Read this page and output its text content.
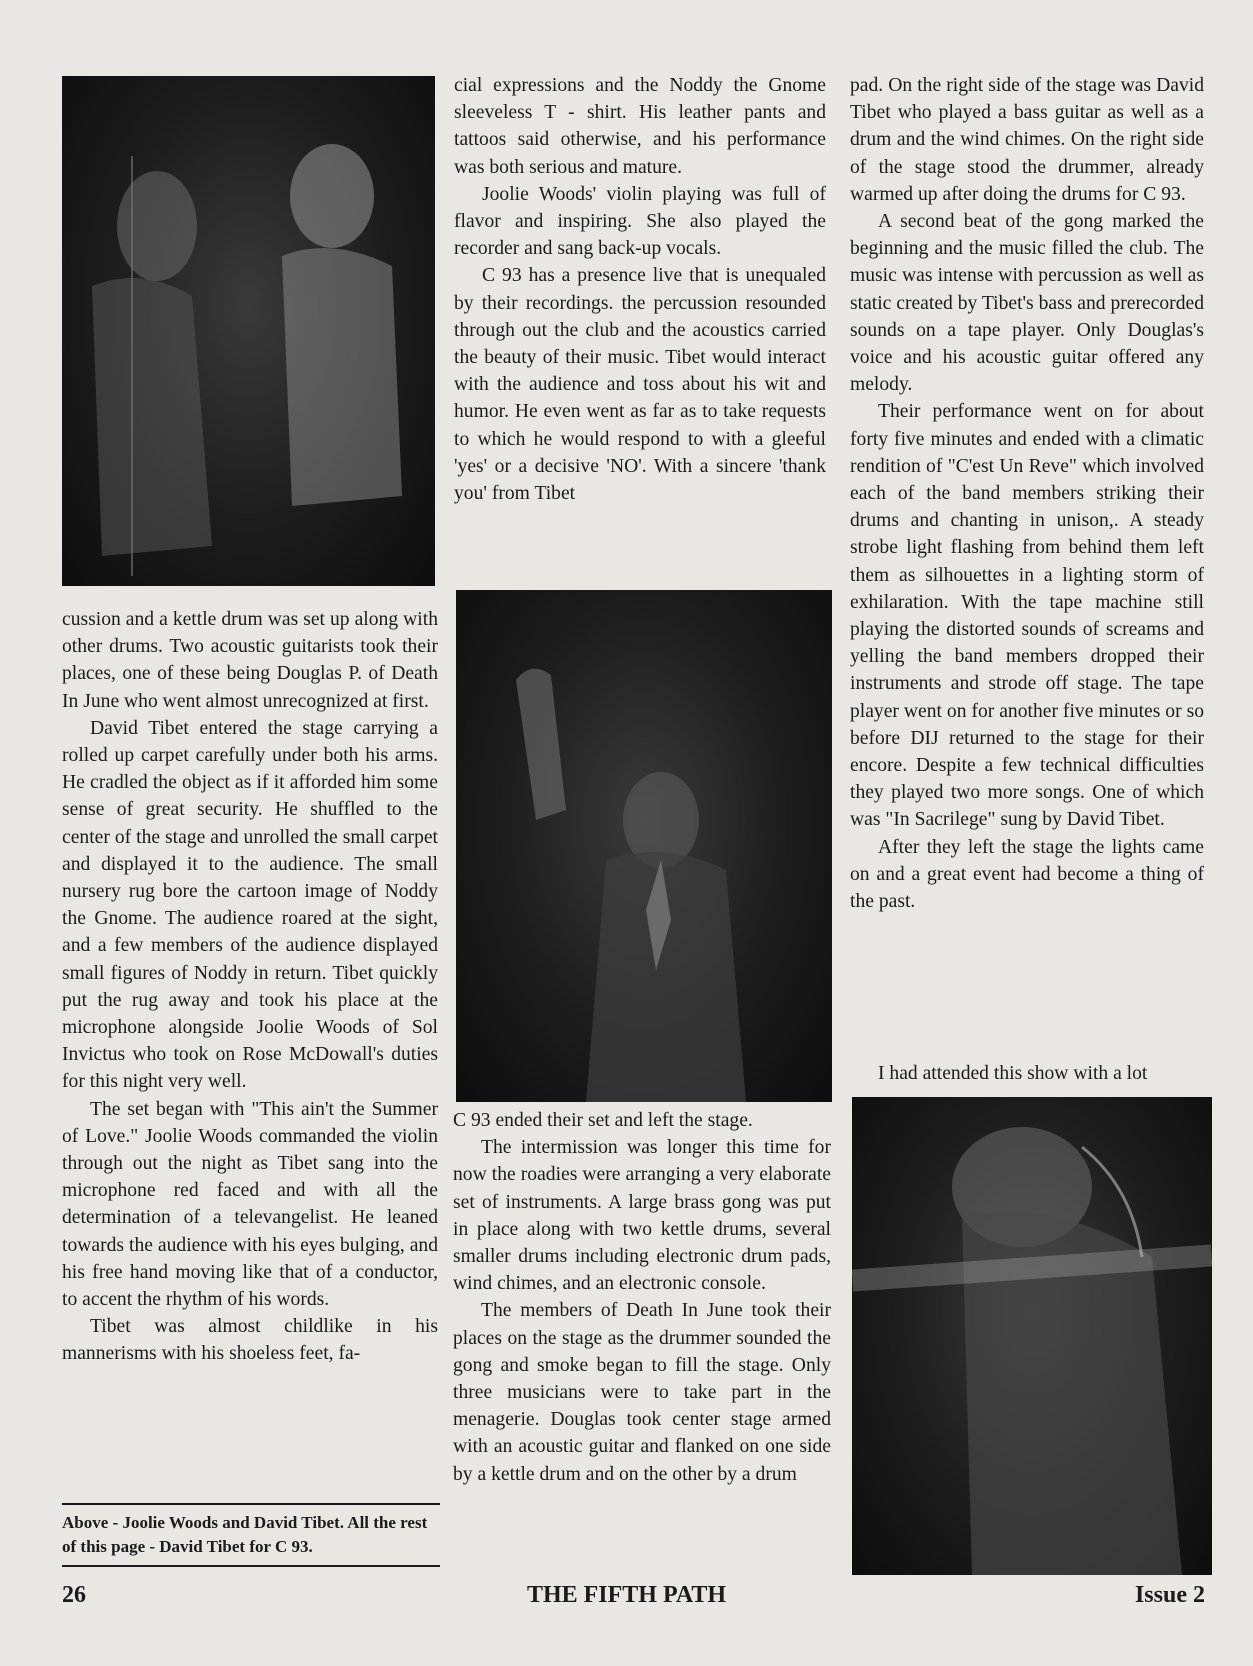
cial expressions and the Noddy the Gnome sleeveless T - shirt. His leather pants and tattoos said otherwise, and his performance was both serious and mature.

Joolie Woods' violin playing was full of flavor and inspiring. She also played the recorder and sang back-up vocals.

C 93 has a presence live that is unequaled by their recordings. the percussion resounded through out the club and the acoustics carried the beauty of their music. Tibet would interact with the audience and toss about his wit and humor. He even went as far as to take requests to which he would respond to with a gleeful 'yes' or a decisive 'NO'. With a sincere 'thank you' from Tibet

cussion and a kettle drum was set up along with other drums. Two acoustic guitarists took their places, one of these being Douglas P. of Death In June who went almost unrecognized at first.

David Tibet entered the stage carrying a rolled up carpet carefully under both his arms. He cradled the object as if it afforded him some sense of great security. He shuffled to the center of the stage and unrolled the small carpet and displayed it to the audience. The small nursery rug bore the cartoon image of Noddy the Gnome. The audience roared at the sight, and a few members of the audience displayed small figures of Noddy in return. Tibet quickly put the rug away and took his place at the microphone alongside Joolie Woods of Sol Invictus who took on Rose McDowall's duties for this night very well.

The set began with "This ain't the Summer of Love." Joolie Woods commanded the violin through out the night as Tibet sang into the microphone red faced and with all the determination of a televangelist. He leaned towards the audience with his eyes bulging, and his free hand moving like that of a conductor, to accent the rhythm of his words.

Tibet was almost childlike in his mannerisms with his shoeless feet, fa-

pad. On the right side of the stage was David Tibet who played a bass guitar as well as a drum and the wind chimes. On the right side of the stage stood the drummer, already warmed up after doing the drums for C 93.

A second beat of the gong marked the beginning and the music filled the club. The music was intense with percussion as well as static created by Tibet's bass and prerecorded sounds on a tape player. Only Douglas's voice and his acoustic guitar offered any melody.

Their performance went on for about forty five minutes and ended with a climatic rendition of "C'est Un Reve" which involved each of the band members striking their drums and chanting in unison,. A steady strobe light flashing from behind them left them as silhouettes in a lighting storm of exhilaration. With the tape machine still playing the distorted sounds of screams and yelling the band members dropped their instruments and strode off stage. The tape player went on for another five minutes or so before DIJ returned to the stage for their encore. Despite a few technical difficulties they played two more songs. One of which was "In Sacrilege" sung by David Tibet.

After they left the stage the lights came on and a great event had become a thing of the past.

C 93 ended their set and left the stage.

The intermission was longer this time for now the roadies were arranging a very elaborate set of instruments. A large brass gong was put in place along with two kettle drums, several smaller drums including electronic drum pads, wind chimes, and an electronic console.

The members of Death In June took their places on the stage as the drummer sounded the gong and smoke began to fill the stage. Only three musicians were to take part in the menagerie. Douglas took center stage armed with an acoustic guitar and flanked on one side by a kettle drum and on the other by a drum

I had attended this show with a lot

Above - Joolie Woods and David Tibet. All the rest of this page - David Tibet for C 93.
26	THE FIFTH PATH	Issue 2
